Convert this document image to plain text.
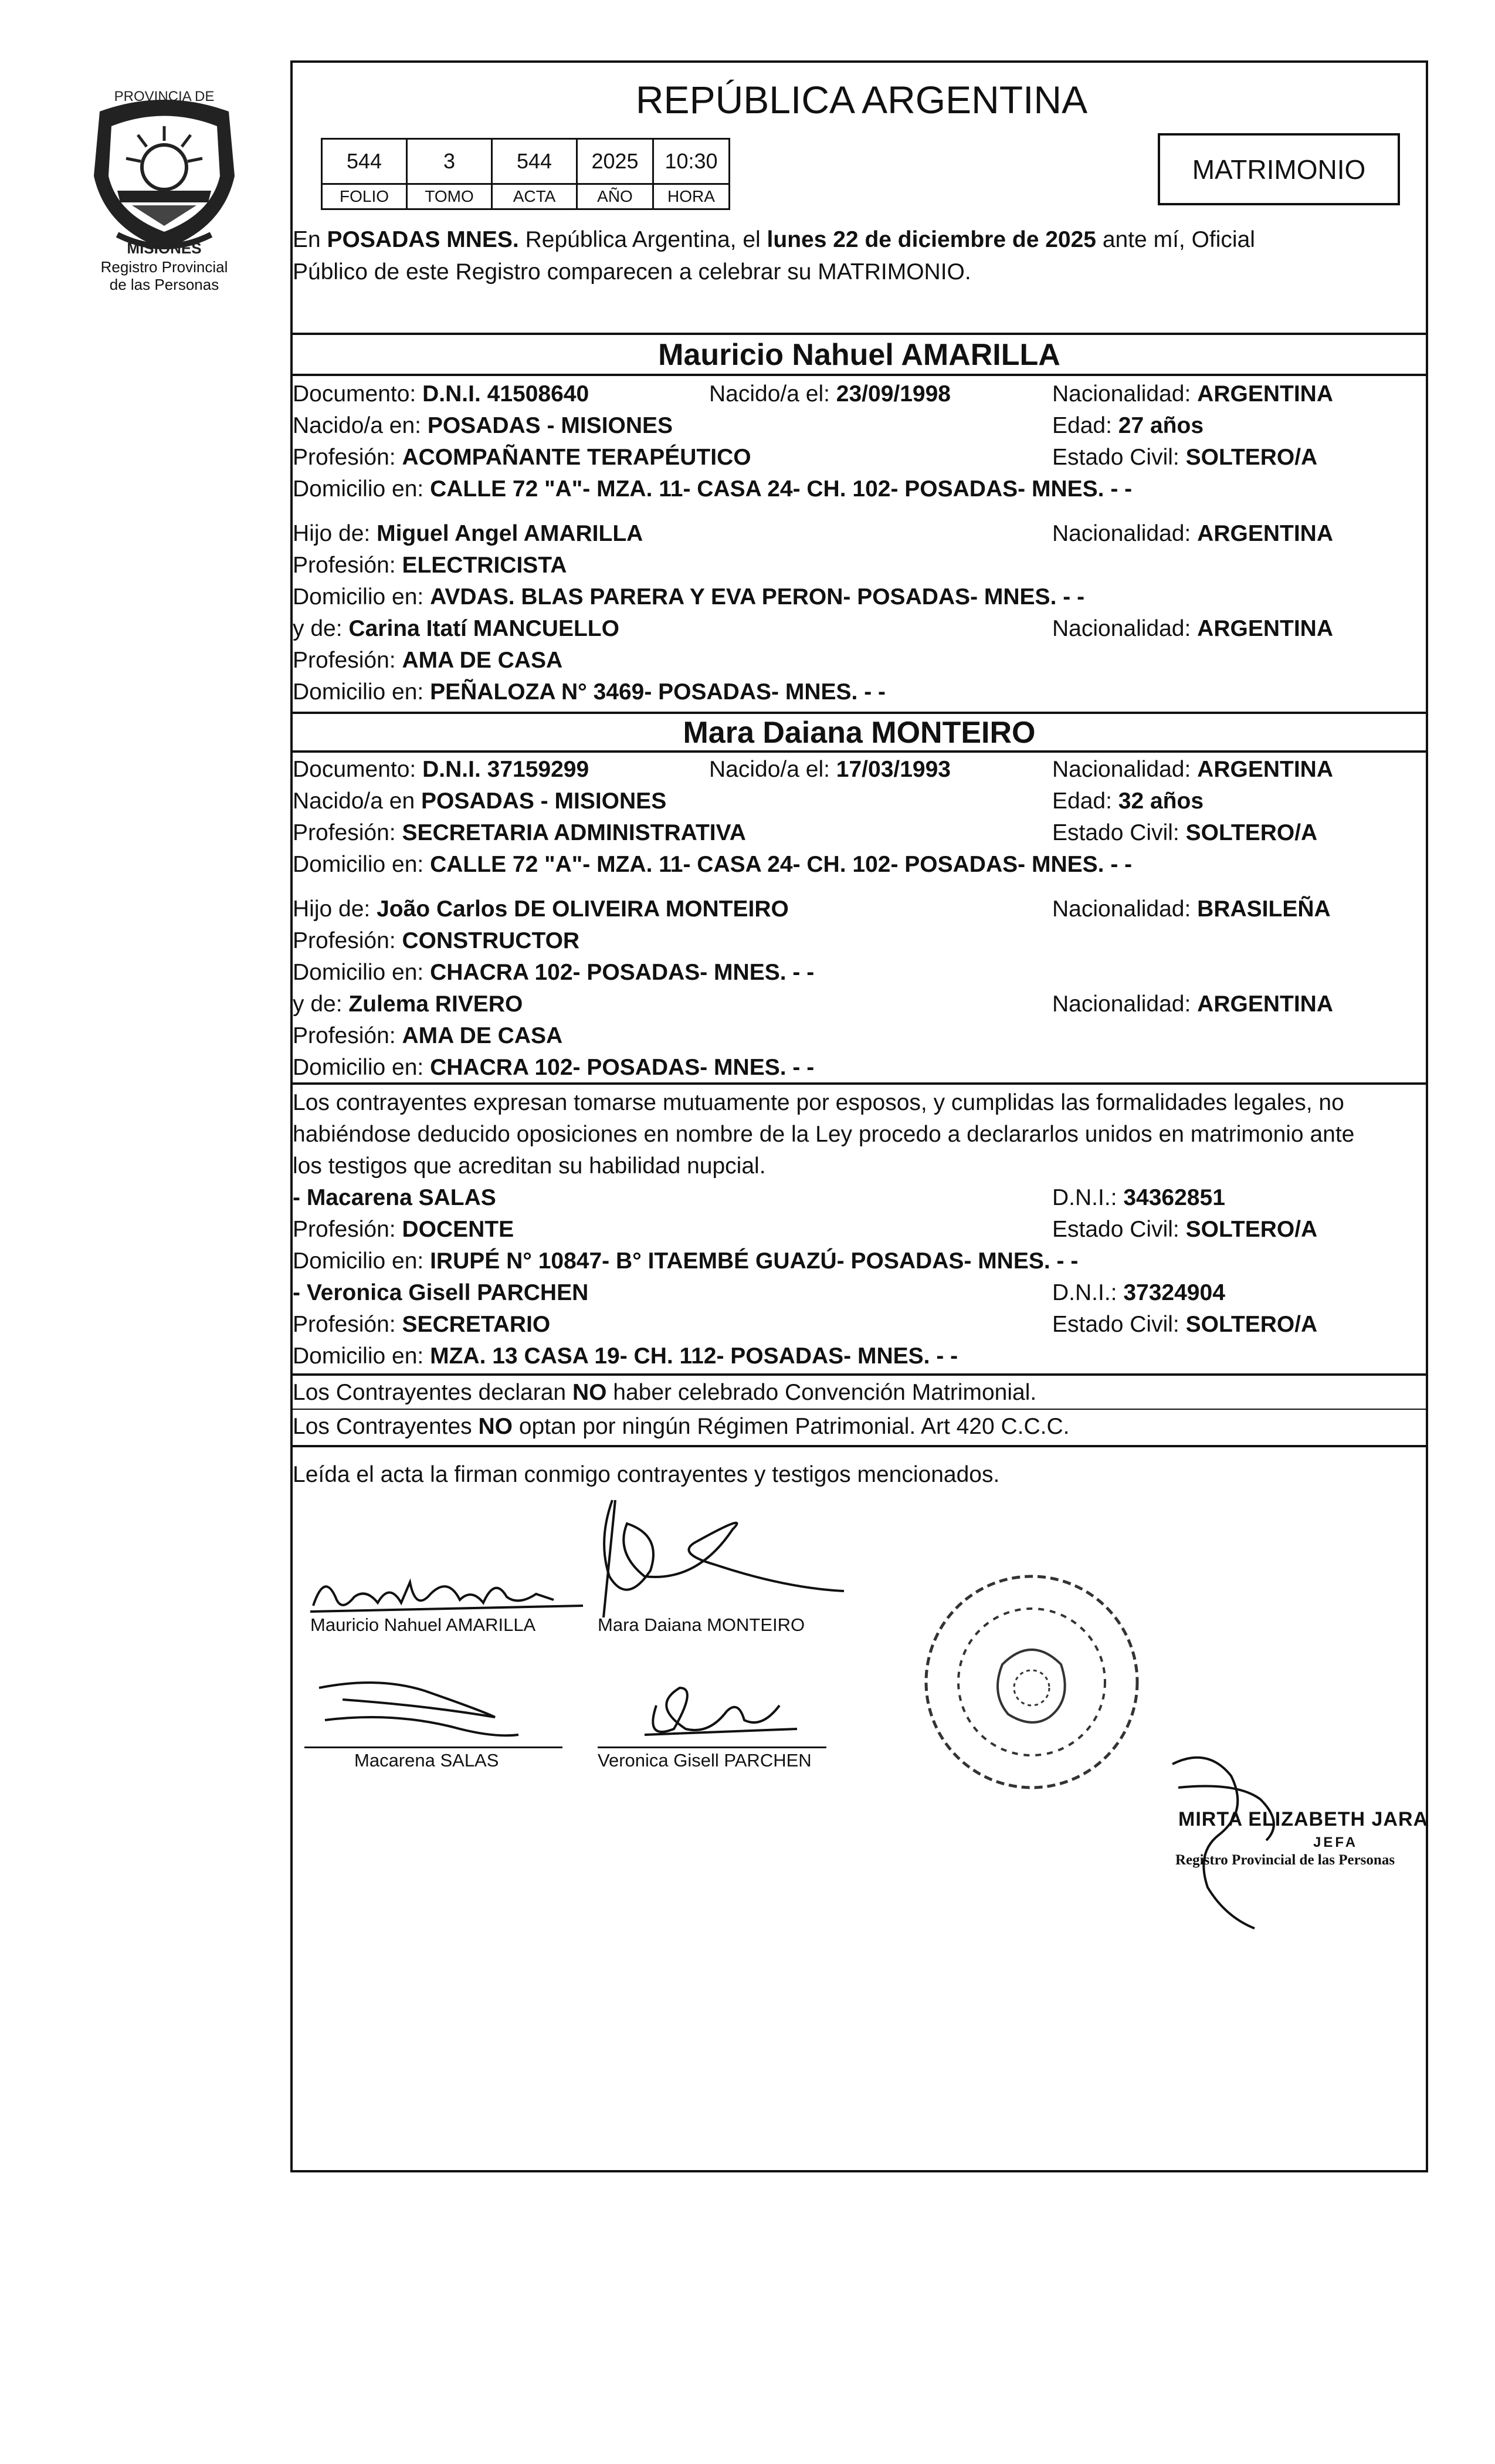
PROVINCIA DE
MISIONES
Registro Provincial
de las Personas
REPÚBLICA ARGENTINA
544	3	544	2025	10:30
FOLIO	TOMO	ACTA	AÑO	HORA
MATRIMONIO
En POSADAS MNES. República Argentina, el lunes 22 de diciembre de 2025 ante mí, Oficial
Público de este Registro comparecen a celebrar su MATRIMONIO.
Mauricio Nahuel AMARILLA
Documento: D.N.I. 41508640	Nacido/a el: 23/09/1998	Nacionalidad: ARGENTINA
Nacido/a en: POSADAS - MISIONES	Edad: 27 años
Profesión: ACOMPAÑANTE TERAPÉUTICO	Estado Civil: SOLTERO/A
Domicilio en: CALLE 72 "A"- MZA. 11- CASA 24- CH. 102- POSADAS- MNES. - -
Hijo de: Miguel Angel AMARILLA	Nacionalidad: ARGENTINA
Profesión: ELECTRICISTA
Domicilio en: AVDAS. BLAS PARERA Y EVA PERON- POSADAS- MNES. - -
y de: Carina Itatí MANCUELLO	Nacionalidad: ARGENTINA
Profesión: AMA DE CASA
Domicilio en: PEÑALOZA N° 3469- POSADAS- MNES. - -
Mara Daiana MONTEIRO
Documento: D.N.I. 37159299	Nacido/a el: 17/03/1993	Nacionalidad: ARGENTINA
Nacido/a en POSADAS - MISIONES	Edad: 32 años
Profesión: SECRETARIA ADMINISTRATIVA	Estado Civil: SOLTERO/A
Domicilio en: CALLE 72 "A"- MZA. 11- CASA 24- CH. 102- POSADAS- MNES. - -
Hijo de: João Carlos DE OLIVEIRA MONTEIRO	Nacionalidad: BRASILEÑA
Profesión: CONSTRUCTOR
Domicilio en: CHACRA 102- POSADAS- MNES. - -
y de: Zulema RIVERO	Nacionalidad: ARGENTINA
Profesión: AMA DE CASA
Domicilio en: CHACRA 102- POSADAS- MNES. - -
Los contrayentes expresan tomarse mutuamente por esposos, y cumplidas las formalidades legales, no
habiéndose deducido oposiciones en nombre de la Ley procedo a declararlos unidos en matrimonio ante
los testigos que acreditan su habilidad nupcial.
- Macarena SALAS	D.N.I.: 34362851
Profesión: DOCENTE	Estado Civil: SOLTERO/A
Domicilio en: IRUPÉ N° 10847- B° ITAEMBÉ GUAZÚ- POSADAS- MNES. - -
- Veronica Gisell PARCHEN	D.N.I.: 37324904
Profesión: SECRETARIO	Estado Civil: SOLTERO/A
Domicilio en: MZA. 13 CASA 19- CH. 112- POSADAS- MNES. - -
Los Contrayentes declaran NO haber celebrado Convención Matrimonial.
Los Contrayentes NO optan por ningún Régimen Patrimonial. Art 420 C.C.C.
Leída el acta la firman conmigo contrayentes y testigos mencionados.
Mauricio Nahuel AMARILLA	Mara Daiana MONTEIRO
Macarena SALAS	Veronica Gisell PARCHEN
MIRTA ELIZABETH JARA
JEFA
Registro Provincial de las Personas
